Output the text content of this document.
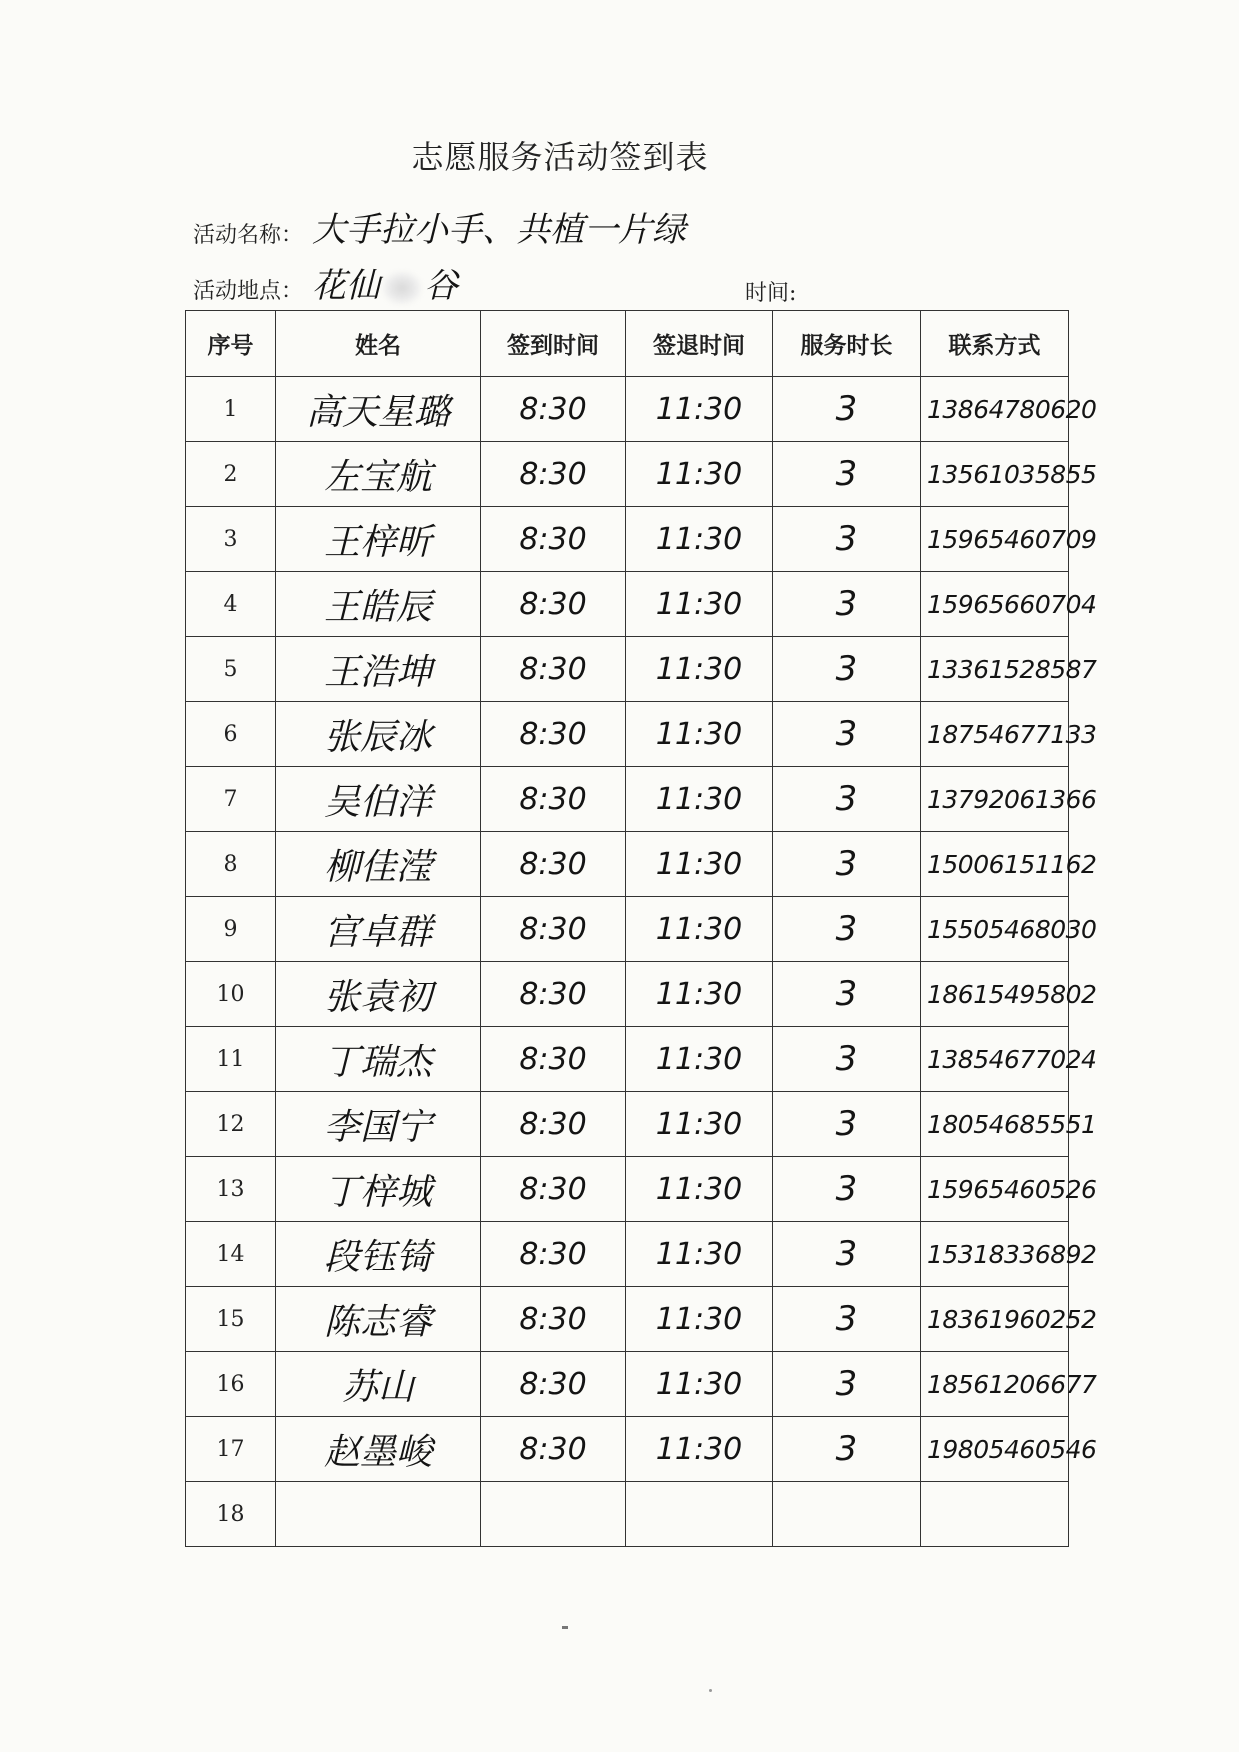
志愿服务活动签到表
活动名称： 大手拉小手、共植一片绿
活动地点： 花仙 谷	时间:
序号	姓名	签到时间	签退时间	服务时长	联系方式
1	高天星璐	8:30	11:30	3	13864780620
2	左宝航	8:30	11:30	3	13561035855
3	王梓昕	8:30	11:30	3	15965460709
4	王皓辰	8:30	11:30	3	15965660704
5	王浩坤	8:30	11:30	3	13361528587
6	张辰冰	8:30	11:30	3	18754677133
7	吴伯洋	8:30	11:30	3	13792061366
8	柳佳滢	8:30	11:30	3	15006151162
9	宫卓群	8:30	11:30	3	15505468030
10	张袁初	8:30	11:30	3	18615495802
11	丁瑞杰	8:30	11:30	3	13854677024
12	李国宁	8:30	11:30	3	18054685551
13	丁梓城	8:30	11:30	3	15965460526
14	段钰锜	8:30	11:30	3	15318336892
15	陈志睿	8:30	11:30	3	18361960252
16	苏山	8:30	11:30	3	18561206677
17	赵墨峻	8:30	11:30	3	19805460546
18					
